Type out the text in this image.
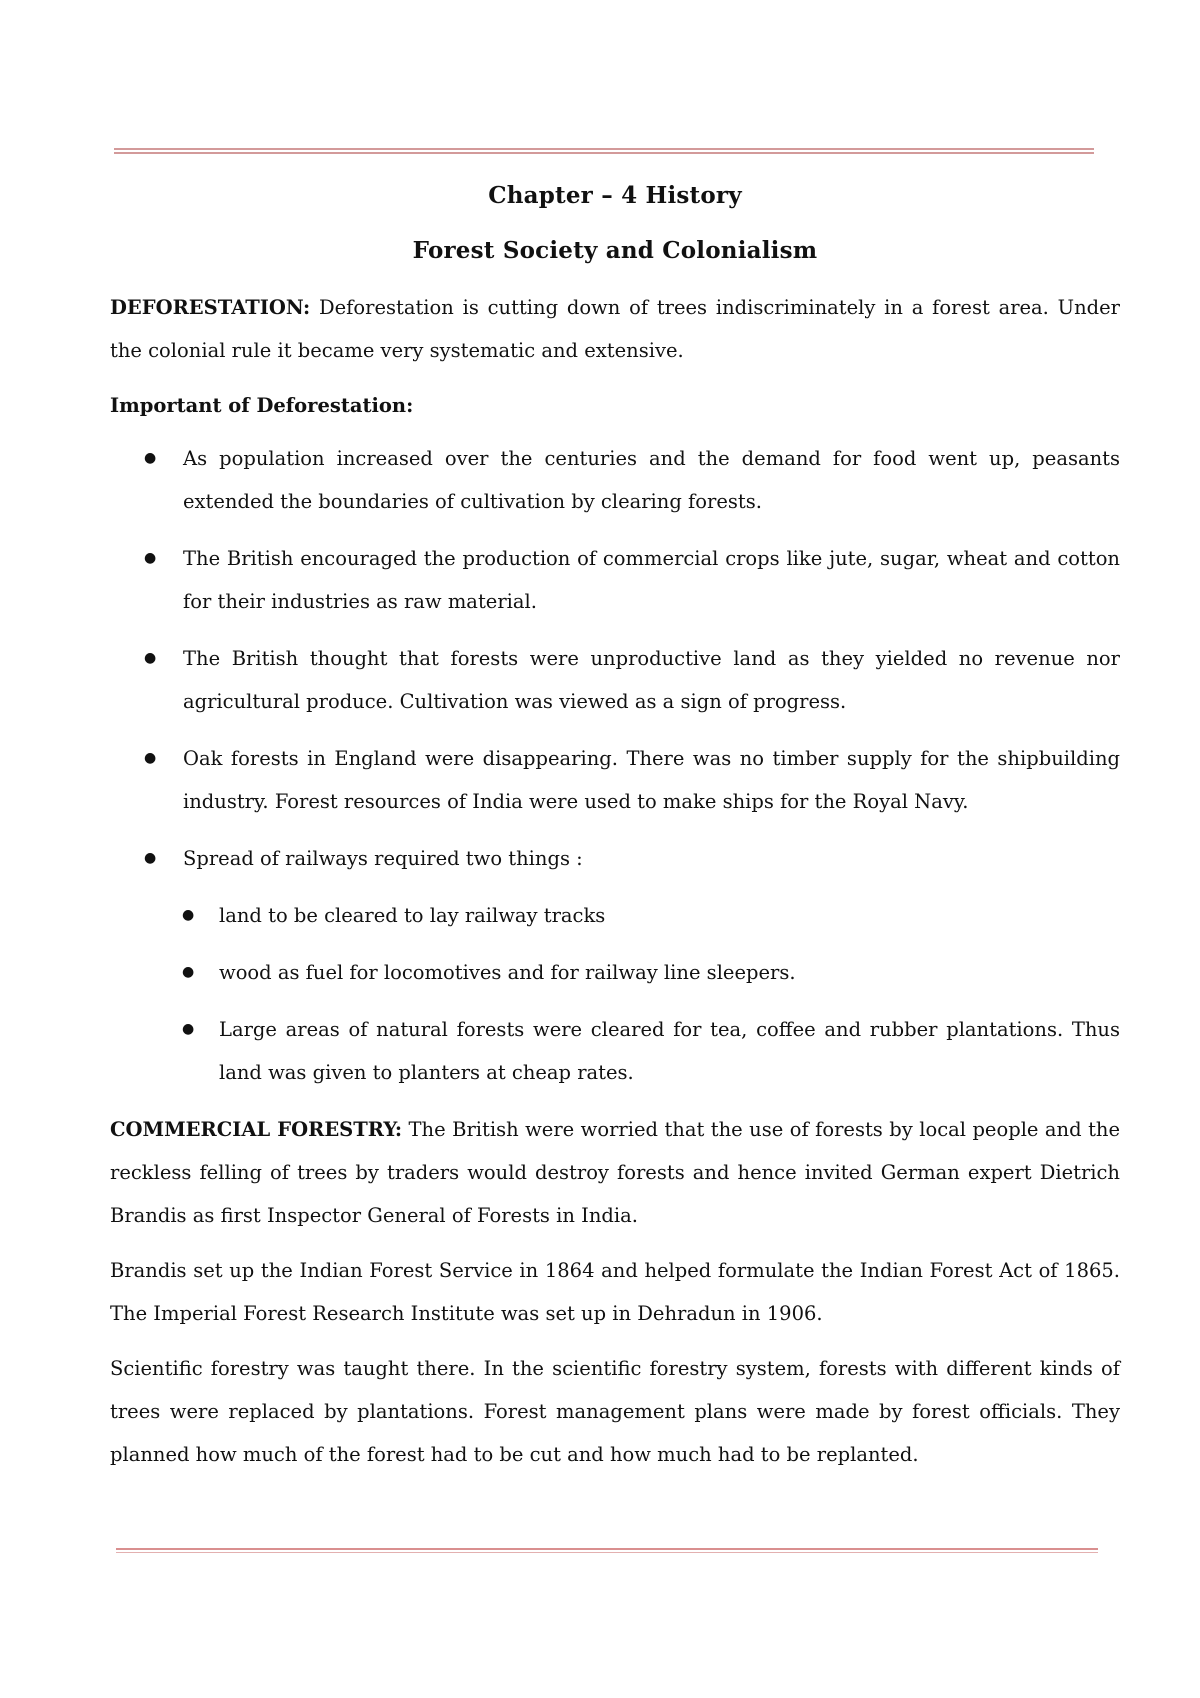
Chapter – 4 History
Forest Society and Colonialism

DEFORESTATION: Deforestation is cutting down of trees indiscriminately in a forest area. Under the colonial rule it became very systematic and extensive.

Important of Deforestation:

● As population increased over the centuries and the demand for food went up, peasants extended the boundaries of cultivation by clearing forests.
● The British encouraged the production of commercial crops like jute, sugar, wheat and cotton for their industries as raw material.
● The British thought that forests were unproductive land as they yielded no revenue nor agricultural produce. Cultivation was viewed as a sign of progress.
● Oak forests in England were disappearing. There was no timber supply for the shipbuilding industry. Forest resources of India were used to make ships for the Royal Navy.
● Spread of railways required two things :
● land to be cleared to lay railway tracks
● wood as fuel for locomotives and for railway line sleepers.
● Large areas of natural forests were cleared for tea, coffee and rubber plantations. Thus land was given to planters at cheap rates.

COMMERCIAL FORESTRY: The British were worried that the use of forests by local people and the reckless felling of trees by traders would destroy forests and hence invited German expert Dietrich Brandis as first Inspector General of Forests in India.

Brandis set up the Indian Forest Service in 1864 and helped formulate the Indian Forest Act of 1865. The Imperial Forest Research Institute was set up in Dehradun in 1906.

Scientific forestry was taught there. In the scientific forestry system, forests with different kinds of trees were replaced by plantations. Forest management plans were made by forest officials. They planned how much of the forest had to be cut and how much had to be replanted.
